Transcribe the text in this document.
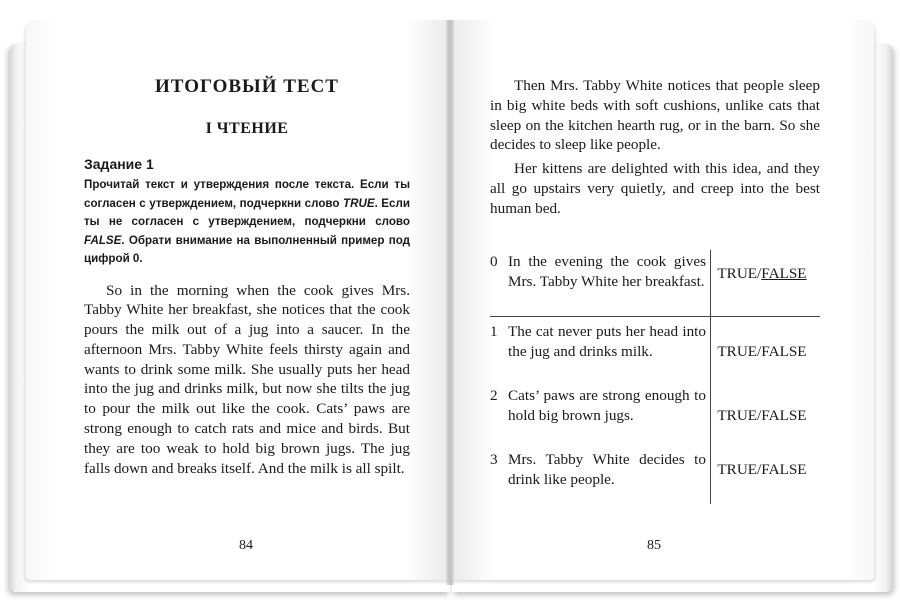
ИТОГОВЫЙ ТЕСТ
I ЧТЕНИЕ
Задание 1
Прочитай текст и утверждения после текста. Если ты согласен с утверждением, подчеркни слово TRUE. Если ты не согласен с утверждением, подчеркни слово FALSE. Обрати внимание на выполненный пример под цифрой 0.

So in the morning when the cook gives Mrs. Tabby White her breakfast, she notices that the cook pours the milk out of a jug into a saucer. In the afternoon Mrs. Tabby White feels thirsty again and wants to drink some milk. She usually puts her head into the jug and drinks milk, but now she tilts the jug to pour the milk out like the cook. Cats’ paws are strong enough to catch rats and mice and birds. But they are too weak to hold big brown jugs. The jug falls down and breaks itself. And the milk is all spilt.

84

Then Mrs. Tabby White notices that people sleep in big white beds with soft cushions, unlike cats that sleep on the kitchen hearth rug, or in the barn. So she decides to sleep like people.

Her kittens are delighted with this idea, and they all go upstairs very quietly, and creep into the best human bed.

0 In the evening the cook gives Mrs. Tabby White her breakfast. TRUE/ FALSE
1 The cat never puts her head into the jug and drinks milk.	TRUE/FALSE
2 Cats’ paws are strong enough to hold big brown jugs.	TRUE/FALSE
3 Mrs. Tabby White decides to drink like people.
TRUE/FALSE
85
